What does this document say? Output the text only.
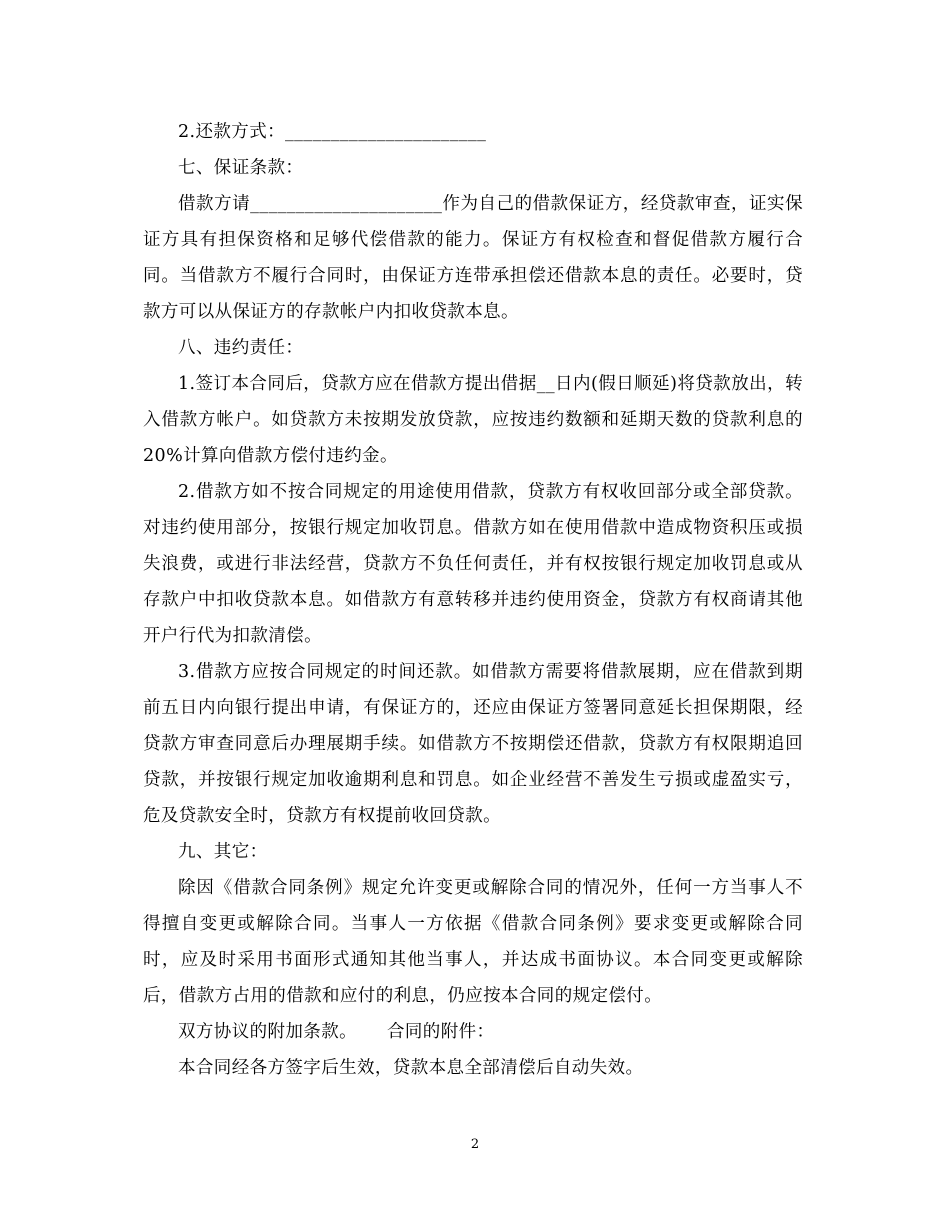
2.还款方式：______________________

七、保证条款：

借款方请_____________________作为自己的借款保证方，经贷款审查，证实保证方具有担保资格和足够代偿借款的能力。保证方有权检查和督促借款方履行合同。当借款方不履行合同时，由保证方连带承担偿还借款本息的责任。必要时，贷款方可以从保证方的存款帐户内扣收贷款本息。

八、违约责任：

1.签订本合同后，贷款方应在借款方提出借据__日内(假日顺延)将贷款放出，转入借款方帐户。如贷款方未按期发放贷款，应按违约数额和延期天数的贷款利息的20%计算向借款方偿付违约金。

2.借款方如不按合同规定的用途使用借款，贷款方有权收回部分或全部贷款。对违约使用部分，按银行规定加收罚息。借款方如在使用借款中造成物资积压或损失浪费，或进行非法经营，贷款方不负任何责任，并有权按银行规定加收罚息或从存款户中扣收贷款本息。如借款方有意转移并违约使用资金，贷款方有权商请其他开户行代为扣款清偿。

3.借款方应按合同规定的时间还款。如借款方需要将借款展期，应在借款到期前五日内向银行提出申请，有保证方的，还应由保证方签署同意延长担保期限，经贷款方审查同意后办理展期手续。如借款方不按期偿还借款，贷款方有权限期追回贷款，并按银行规定加收逾期利息和罚息。如企业经营不善发生亏损或虚盈实亏，危及贷款安全时，贷款方有权提前收回贷款。

九、其它：

除因《借款合同条例》规定允许变更或解除合同的情况外，任何一方当事人不得擅自变更或解除合同。当事人一方依据《借款合同条例》要求变更或解除合同时，应及时采用书面形式通知其他当事人，并达成书面协议。本合同变更或解除后，借款方占用的借款和应付的利息，仍应按本合同的规定偿付。

双方协议的附加条款。 合同的附件：

本合同经各方签字后生效，贷款本息全部清偿后自动失效。

2
